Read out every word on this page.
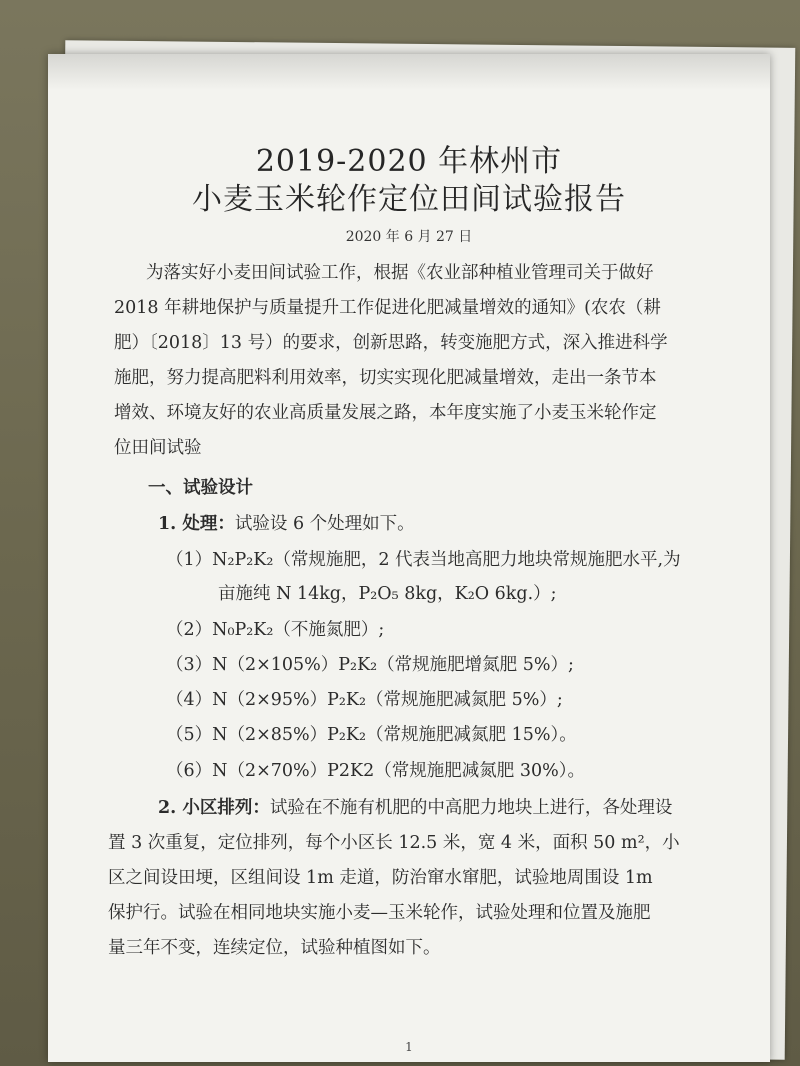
2019-2020 年林州市
小麦玉米轮作定位田间试验报告
2020 年 6 月 27 日
为落实好小麦田间试验工作，根据《农业部种植业管理司关于做好
2018 年耕地保护与质量提升工作促进化肥减量增效的通知》(农农（耕
肥）〔2018〕13 号）的要求，创新思路，转变施肥方式，深入推进科学
施肥，努力提高肥料利用效率，切实实现化肥减量增效，走出一条节本
增效、环境友好的农业高质量发展之路，本年度实施了小麦玉米轮作定
位田间试验
一、试验设计
1. 处理：试验设 6 个处理如下。
（1）N₂P₂K₂（常规施肥，2 代表当地高肥力地块常规施肥水平,为
亩施纯 N 14kg，P₂O₅ 8kg，K₂O 6kg.）;
（2）N₀P₂K₂（不施氮肥）;
（3）N（2×105%）P₂K₂（常规施肥增氮肥 5%）;
（4）N（2×95%）P₂K₂（常规施肥减氮肥 5%）;
（5）N（2×85%）P₂K₂（常规施肥减氮肥 15%）。
（6）N（2×70%）P2K2（常规施肥减氮肥 30%）。
2. 小区排列：试验在不施有机肥的中高肥力地块上进行，各处理设
置 3 次重复，定位排列，每个小区长 12.5 米，宽 4 米，面积 50 m²，小
区之间设田埂，区组间设 1m 走道，防治窜水窜肥，试验地周围设 1m
保护行。试验在相同地块实施小麦—玉米轮作，试验处理和位置及施肥
量三年不变，连续定位，试验种植图如下。
1
